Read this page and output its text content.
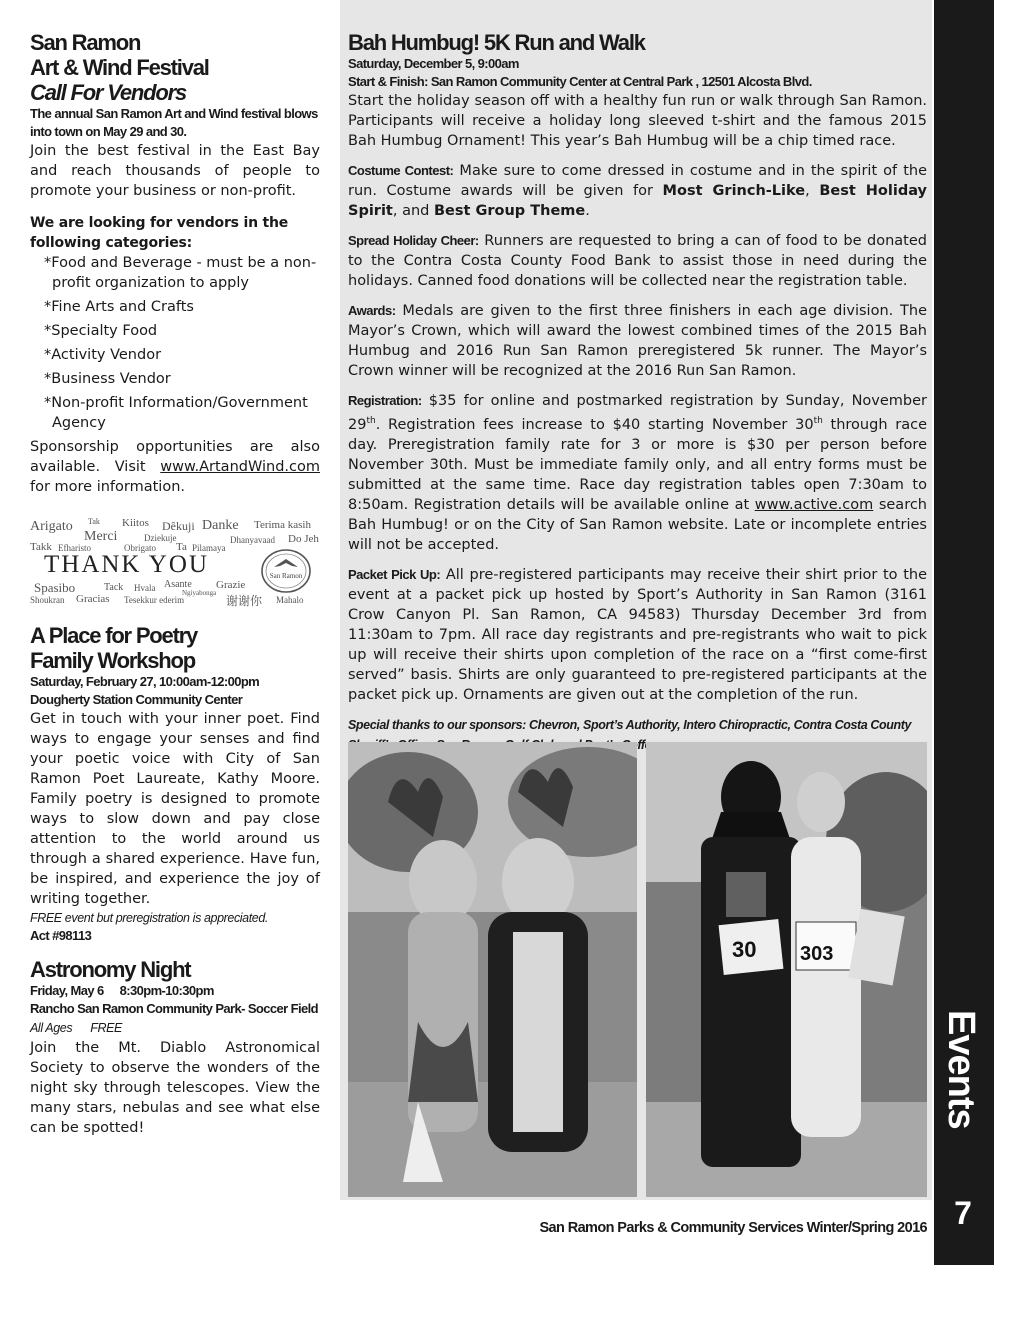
San Ramon

Art & Wind Festival

Call For Vendors

The annual San Ramon Art and Wind festival blows into town on May 29 and 30.

Join the best festival in the East Bay and reach thousands of people to promote your business or non-profit.

We are looking for vendors in the following categories:

*Food and Beverage - must be a non-profit organization to apply
*Fine Arts and Crafts
*Specialty Food
*Activity Vendor
*Business Vendor
*Non-profit Information/Government Agency

Sponsorship opportunities are also available. Visit www.ArtandWind.com for more information.

Arigato Tak Kiitos Dêkuji Danke Terima kasih
Merci	Dziekuje	Dhanyavaad Do Jeh
Takk Efharisto	Obrigato Ta Pilamaya
THANK YOU
Spasibo	Tack Hvala Asante Grazie
Ngiyabonga
Shoukran Gracias Tesekkur ederim	谢谢你 Mahalo
San Ramon

A Place for Poetry

Family Workshop

Saturday, February 27, 10:00am-12:00pm

Dougherty Station Community Center

Get in touch with your inner poet. Find ways to engage your senses and find your poetic voice with City of San Ramon Poet Laureate, Kathy Moore. Family poetry is designed to promote ways to slow down and pay close attention to the world around us through a shared experience. Have fun, be inspired, and experience the joy of writing together.

FREE event but preregistration is appreciated.

Act #98113

Astronomy Night

Friday, May 6 8:30pm-10:30pm

Rancho San Ramon Community Park- Soccer Field

All Ages FREE

Join the Mt. Diablo Astronomical Society to observe the wonders of the night sky through telescopes. View the many stars, nebulas and see what else can be spotted!

Bah Humbug! 5K Run and Walk

Saturday, December 5, 9:00am

Start & Finish: San Ramon Community Center at Central Park , 12501 Alcosta Blvd.

Start the holiday season off with a healthy fun run or walk through San Ramon. Participants will receive a holiday long sleeved t-shirt and the famous 2015 Bah Humbug Ornament! This year’s Bah Humbug will be a chip timed race.

Costume Contest: Make sure to come dressed in costume and in the spirit of the run. Costume awards will be given for Most Grinch-Like, Best Holiday Spirit, and Best Group Theme.

Spread Holiday Cheer: Runners are requested to bring a can of food to be donated to the Contra Costa County Food Bank to assist those in need during the holidays. Canned food donations will be collected near the registration table.

Awards: Medals are given to the first three finishers in each age division. The Mayor’s Crown, which will award the lowest combined times of the 2015 Bah Humbug and 2016 Run San Ramon preregistered 5k runner. The Mayor’s Crown winner will be recognized at the 2016 Run San Ramon.

Registration: $35 for online and postmarked registration by Sunday, November 29th. Registration fees increase to $40 starting November 30th through race day. Preregistration family rate for 3 or more is $30 per person before November 30th. Must be immediate family only, and all entry forms must be submitted at the same time. Race day registration tables open 7:30am to 8:50am. Registration details will be available online at www.active.com search Bah Humbug! or on the City of San Ramon website. Late or incomplete entries will not be accepted.

Packet Pick Up: All pre-registered participants may receive their shirt prior to the event at a packet pick up hosted by Sport’s Authority in San Ramon (3161 Crow Canyon Pl. San Ramon, CA 94583) Thursday December 3rd from 11:30am to 7pm. All race day registrants and pre-registrants who wait to pick up will receive their shirts upon completion of the race on a “first come-first served” basis. Shirts are only guaranteed to pre-registered participants at the packet pick up. Ornaments are given out at the completion of the run.

Special thanks to our sponsors: Chevron, Sport’s Authority, Intero Chiropractic, Contra Costa County Coffee

30 303
San Ramon Parks & Community Services Winter/Spring 2016
Events
7
